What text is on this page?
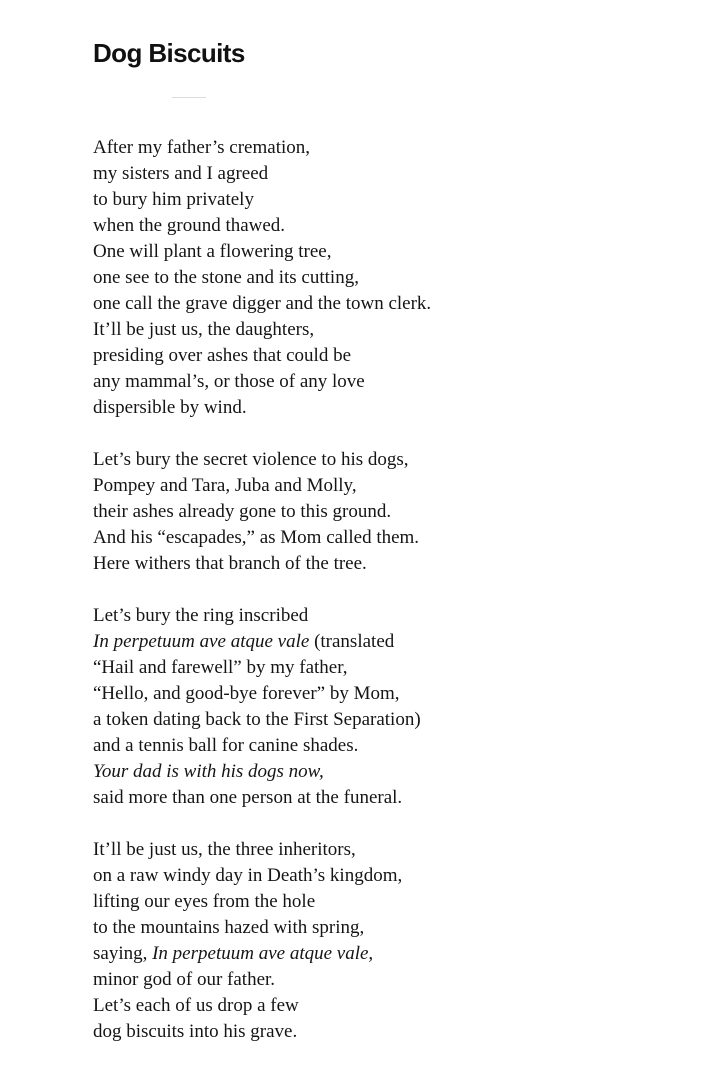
Dog Biscuits
After my father’s cremation,
my sisters and I agreed
to bury him privately
when the ground thawed.
One will plant a flowering tree,
one see to the stone and its cutting,
one call the grave digger and the town clerk.
It’ll be just us, the daughters,
presiding over ashes that could be
any mammal’s, or those of any love
dispersible by wind.
Let’s bury the secret violence to his dogs,
Pompey and Tara, Juba and Molly,
their ashes already gone to this ground.
And his “escapades,” as Mom called them.
Here withers that branch of the tree.
Let’s bury the ring inscribed
In perpetuum ave atque vale (translated
“Hail and farewell” by my father,
“Hello, and good-bye forever” by Mom,
a token dating back to the First Separation)
and a tennis ball for canine shades.
Your dad is with his dogs now,
said more than one person at the funeral.
It’ll be just us, the three inheritors,
on a raw windy day in Death’s kingdom,
lifting our eyes from the hole
to the mountains hazed with spring,
saying, In perpetuum ave atque vale,
minor god of our father.
Let’s each of us drop a few
dog biscuits into his grave.
